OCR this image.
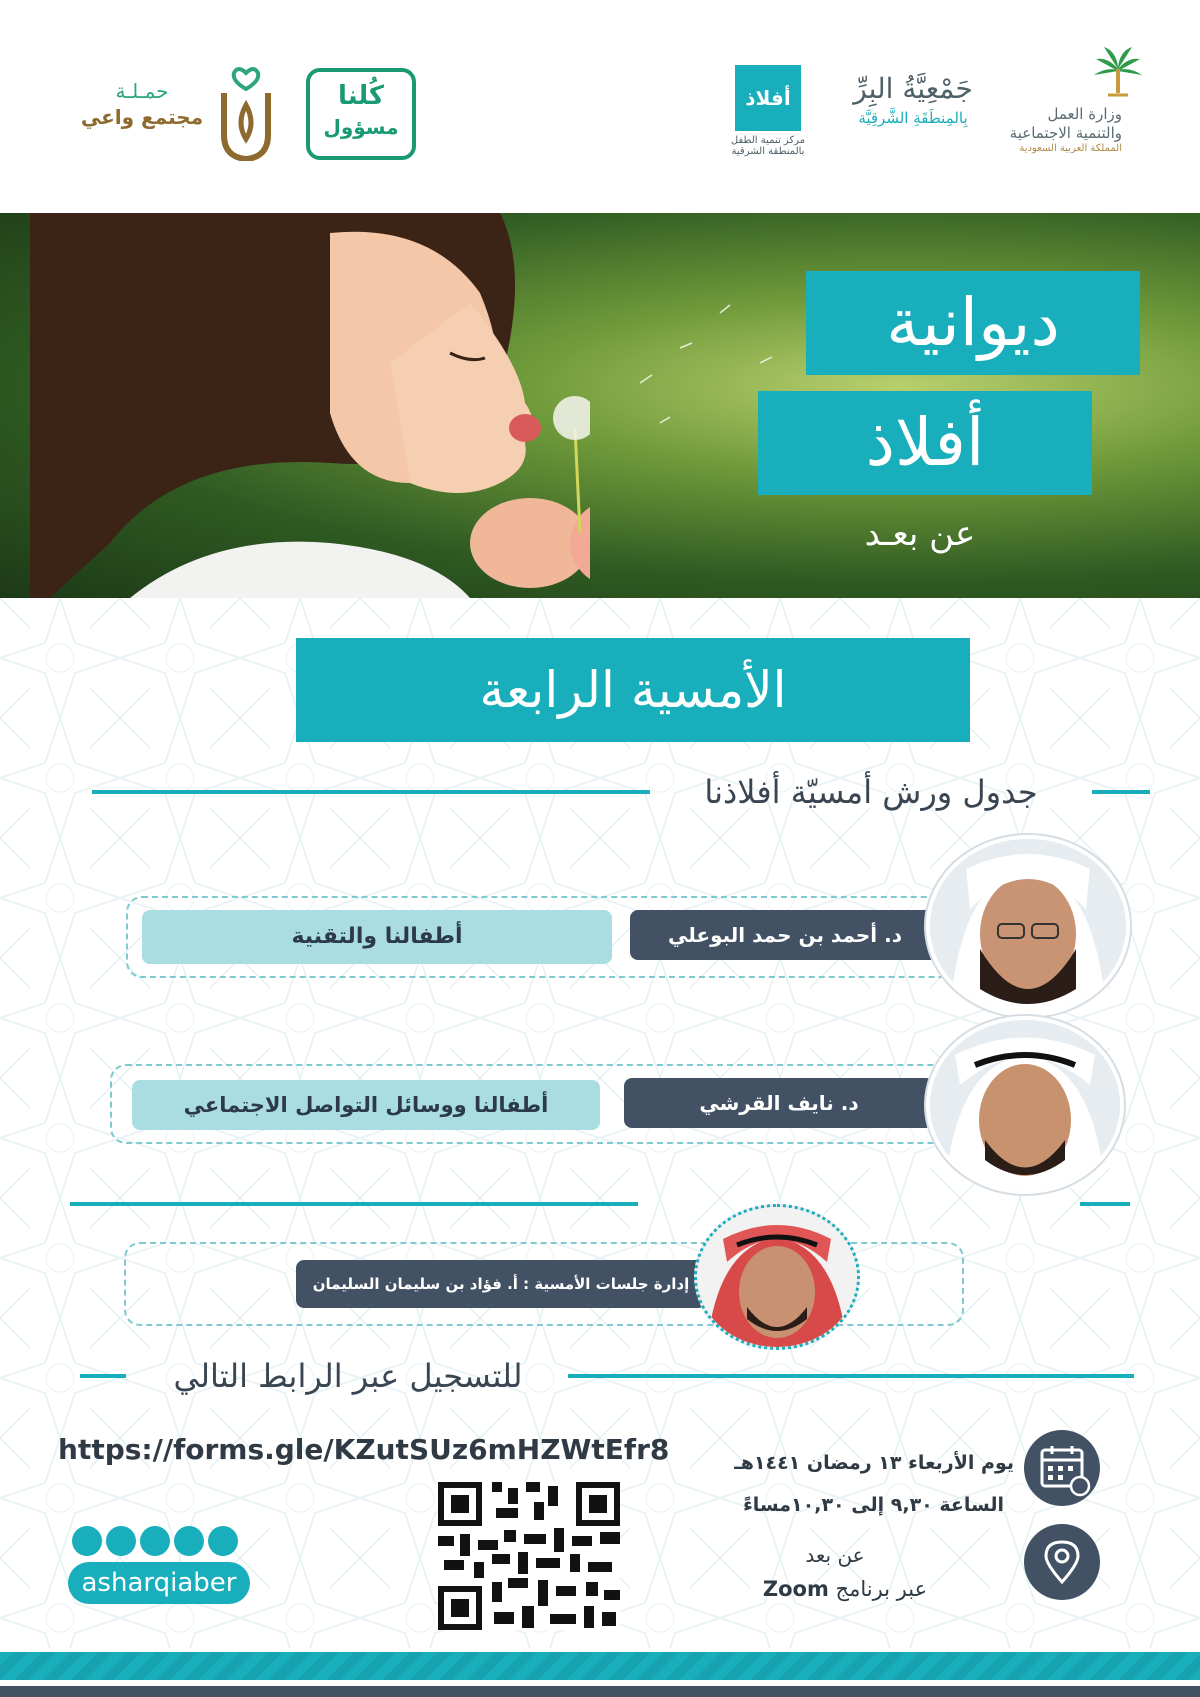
وزارة العمل
والتنمية الاجتماعية
المملكة العربية السعودية
جَمْعِيَّةُ البِرِّ
بِالمِنطَقَةِ الشَّرقِيَّة
أفلاذ
مركز تنمية الطفل
بالمنطقة الشرقية
كُلنا
مسؤول
حمـلـة
مجتمع واعي
ديوانية
أفلاذ
عن بعـد
الأمسية الرابعة
جدول ورش أمسيّة أفلاذنا
أطفالنا والتقنية	د. أحمد بن حمد البوعلي
أطفالنا ووسائل التواصل الاجتماعي	د. نايف القرشي
إدارة جلسات الأمسية : أ. فؤاد بن سليمان السليمان
للتسجيل عبر الرابط التالي
https://forms.gle/KZutSUz6mHZWtEfr8
asharqiaber
يوم الأربعاء ١٣ رمضان ١٤٤١هـ
الساعة ٩,٣٠ إلى ١٠,٣٠مساءً
عن بعد
عبر برنامج Zoom
